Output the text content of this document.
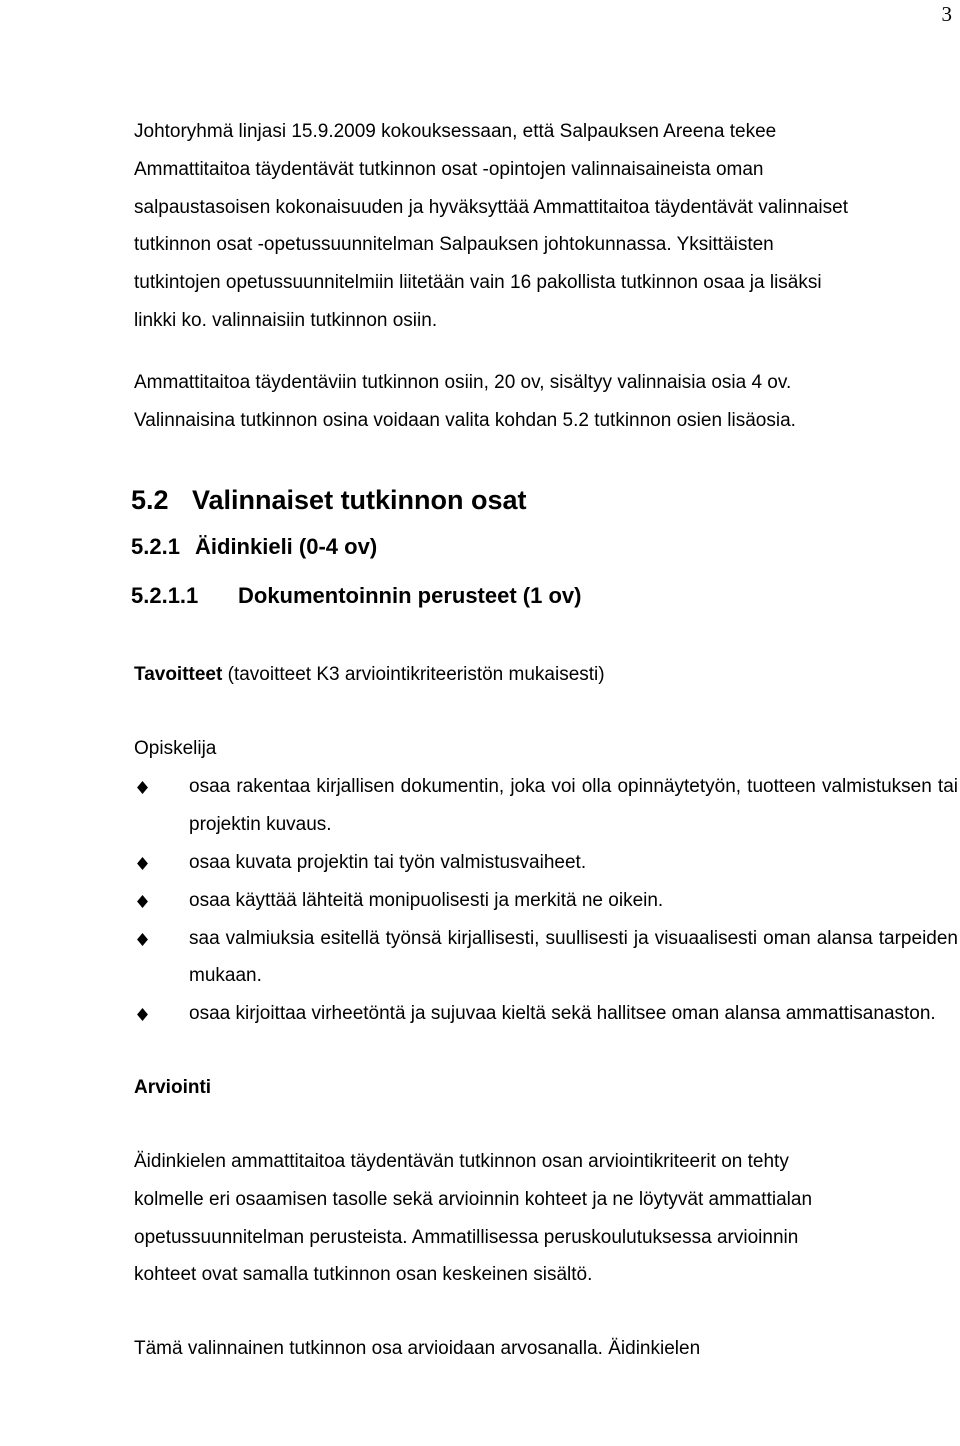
3

Johtoryhmä linjasi 15.9.2009 kokouksessaan, että Salpauksen Areena tekee
Ammattitaitoa täydentävät tutkinnon osat -opintojen valinnaisaineista oman
salpaustasoisen kokonaisuuden ja hyväksyttää Ammattitaitoa täydentävät valinnaiset
tutkinnon osat -opetussuunnitelman Salpauksen johtokunnassa. Yksittäisten
tutkintojen opetussuunnitelmiin liitetään vain 16 pakollista tutkinnon osaa ja lisäksi
linkki ko. valinnaisiin tutkinnon osiin.

Ammattitaitoa täydentäviin tutkinnon osiin, 20 ov, sisältyy valinnaisia osia 4 ov.
Valinnaisina tutkinnon osina voidaan valita kohdan 5.2 tutkinnon osien lisäosia.

5.2 Valinnaiset tutkinnon osat
5.2.1 Äidinkieli (0-4 ov)
5.2.1.1	Dokumentoinnin perusteet (1 ov)
Tavoitteet (tavoitteet K3 arviointikriteeristön mukaisesti)
Opiskelija
osaa rakentaa kirjallisen dokumentin, joka voi olla opinnäytetyön, tuotteen valmistuksen tai projektin kuvaus.
osaa kuvata projektin tai työn valmistusvaiheet.
osaa käyttää lähteitä monipuolisesti ja merkitä ne oikein.
saa valmiuksia esitellä työnsä kirjallisesti, suullisesti ja visuaalisesti oman alansa tarpeiden mukaan.
osaa kirjoittaa virheetöntä ja sujuvaa kieltä sekä hallitsee oman alansa ammattisanaston.
Arviointi

Äidinkielen ammattitaitoa täydentävän tutkinnon osan arviointikriteerit on tehty
kolmelle eri osaamisen tasolle sekä arvioinnin kohteet ja ne löytyvät ammattialan
opetussuunnitelman perusteista. Ammatillisessa peruskoulutuksessa arvioinnin
kohteet ovat samalla tutkinnon osan keskeinen sisältö.

Tämä valinnainen tutkinnon osa arvioidaan arvosanalla. Äidinkielen
